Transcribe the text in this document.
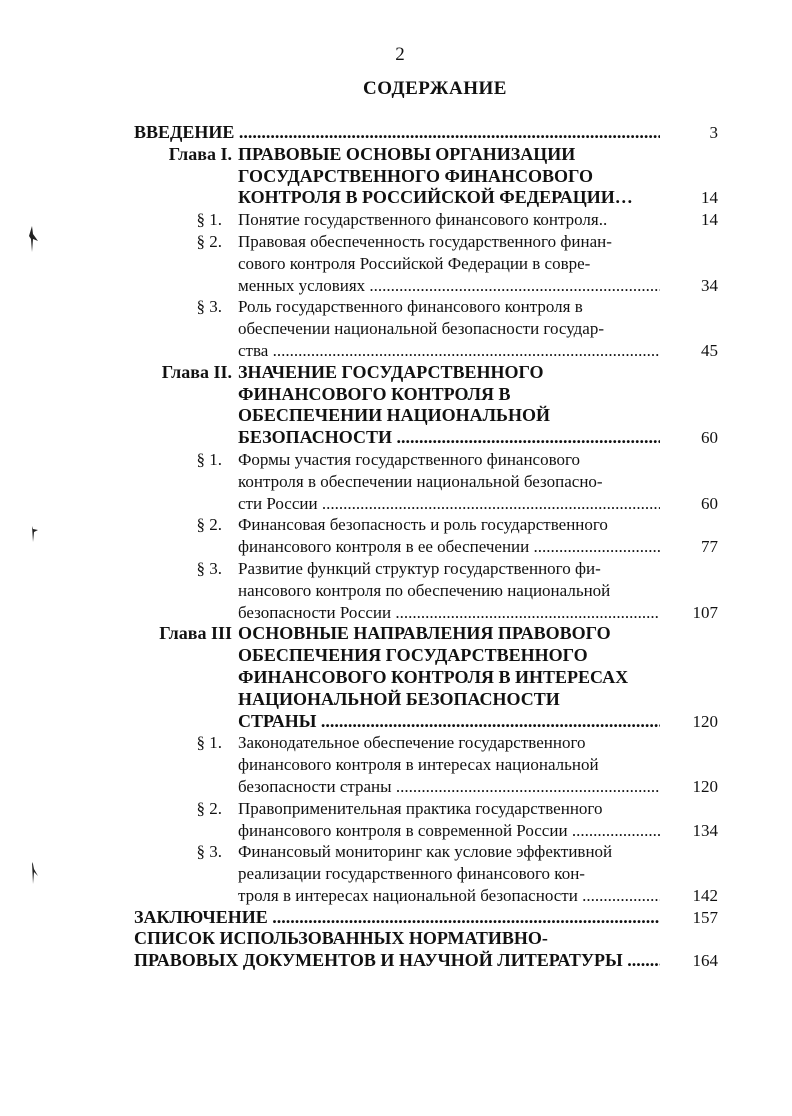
2
СОДЕРЖАНИЕ
ВВЕДЕНИЕ .....	3
Глава I. ПРАВОВЫЕ ОСНОВЫ ОРГАНИЗАЦИИ
ГОСУДАРСТВЕННОГО ФИНАНСОВОГО
КОНТРОЛЯ В РОССИЙСКОЙ ФЕДЕРАЦИИ…	14
§ 1. Понятие государственного финансового контроля..	14
§ 2. Правовая обеспеченность государственного финан-
сового контроля Российской Федерации в совре-
менных условиях .....	34
§ 3. Роль государственного финансового контроля в
обеспечении национальной безопасности государ-
ства .....	45
Глава II. ЗНАЧЕНИЕ ГОСУДАРСТВЕННОГО
ФИНАНСОВОГО КОНТРОЛЯ В
ОБЕСПЕЧЕНИИ НАЦИОНАЛЬНОЙ
БЕЗОПАСНОСТИ .....	60
§ 1. Формы участия государственного финансового
контроля в обеспечении национальной безопасно-
сти России .....	60
§ 2. Финансовая безопасность и роль государственного
финансового контроля в ее обеспечении .....	77
§ 3. Развитие функций структур государственного фи-
нансового контроля по обеспечению национальной
безопасности России .....	107
Глава III ОСНОВНЫЕ НАПРАВЛЕНИЯ ПРАВОВОГО
ОБЕСПЕЧЕНИЯ ГОСУДАРСТВЕННОГО
ФИНАНСОВОГО КОНТРОЛЯ В ИНТЕРЕСАХ
НАЦИОНАЛЬНОЙ БЕЗОПАСНОСТИ
СТРАНЫ .....	120
§ 1. Законодательное обеспечение государственного
финансового контроля в интересах национальной
безопасности страны .....	120
§ 2. Правоприменительная практика государственного
финансового контроля в современной России .....	134
§ 3. Финансовый мониторинг как условие эффективной
реализации государственного финансового кон-
троля в интересах национальной безопасности .....	142
ЗАКЛЮЧЕНИЕ .....	157
СПИСОК ИСПОЛЬЗОВАННЫХ НОРМАТИВНО-
ПРАВОВЫХ ДОКУМЕНТОВ И НАУЧНОЙ ЛИТЕРАТУРЫ .....	164
